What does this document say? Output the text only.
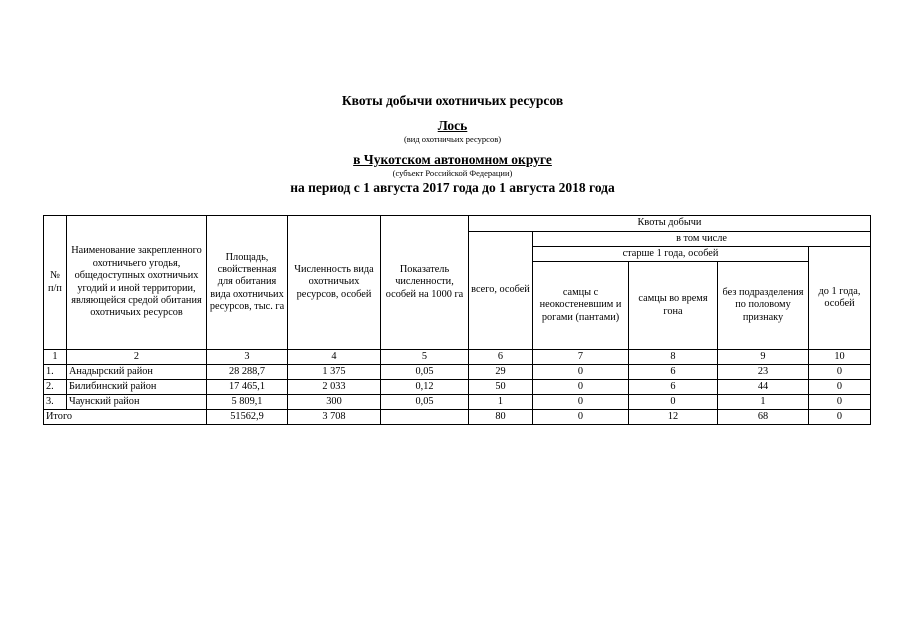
Квоты добычи охотничьих ресурсов
Лось
(вид охотничьих ресурсов)
в Чукотском автономном округе
(субъект Российской Федерации)
на период с 1 августа 2017 года до 1 августа 2018 года
№ п/п	Наименование закрепленного охотничьего угодья, общедоступных охотничьих угодий и иной территории, являющейся средой обитания охотничьих ресурсов	Площадь, свойственная для обитания вида охотничьих ресурсов, тыс. га	Численность вида охотничьих ресурсов, особей	Показатель численности, особей на 1000 га	Квоты добычи				
					всего, особей	в том числе			
						старше 1 года, особей			до 1 года, особей
						самцы с неокостеневшим и рогами (пантами)	самцы во время гона	без подразделения по половому признаку	
1	2	3	4	5	6	7	8	9	10
1.	Анадырский район	28 288,7	1 375	0,05	29	0	6	23	0
2.	Билибинский район	17 465,1	2 033	0,12	50	0	6	44	0
3.	Чаунский район	5 809,1	300	0,05	1	0	0	1	0
Итого		51562,9	3 708		80	0	12	68	0
